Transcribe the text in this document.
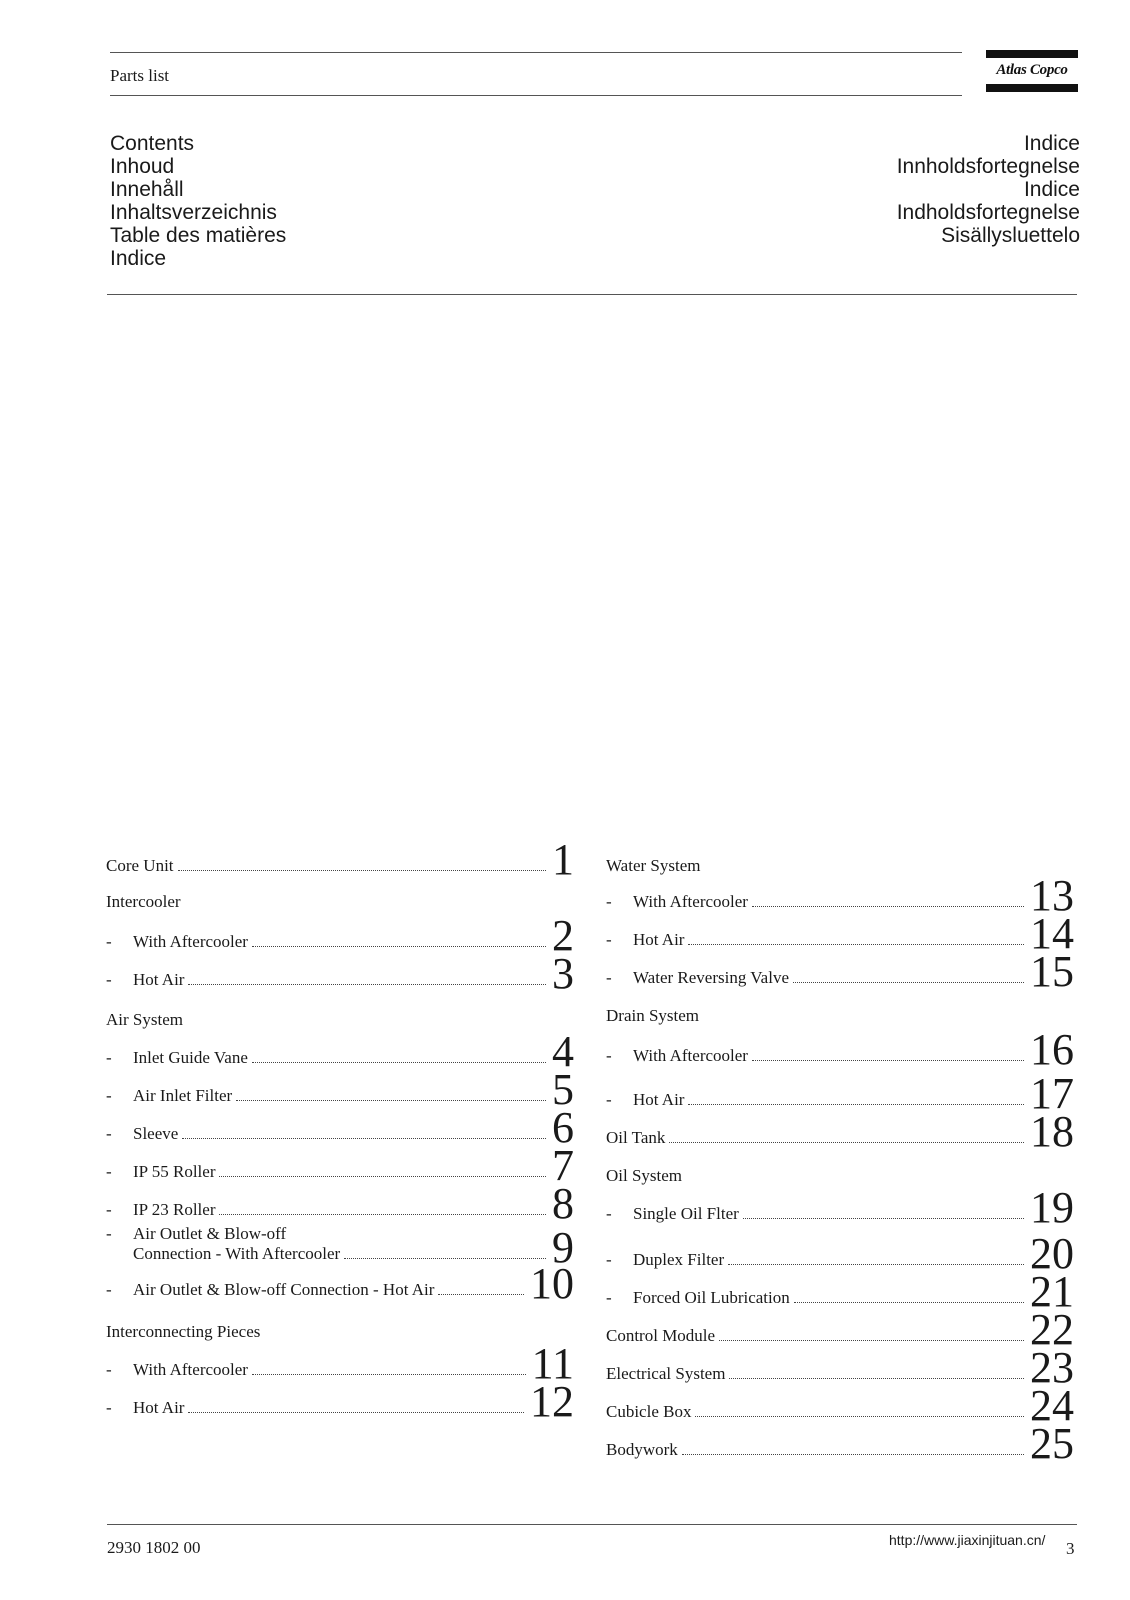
Parts list	Atlas Copco
Contents
Inhoud
Innehåll
Inhaltsverzeichnis
Table des matières
Indice
Indice
Innholdsfortegnelse
Indice
Indholdsfortegnelse
Sisällysluettelo
Core Unit	1
Intercooler
-	With Aftercooler	2
-	Hot Air	3
Air System
-	Inlet Guide Vane	4
-	Air Inlet Filter	5
-	Sleeve	6
-	IP 55 Roller	7
-	IP 23 Roller	8
-	Air Outlet & Blow-off
Connection - With Aftercooler	9
-	Air Outlet & Blow-off Connection - Hot Air 10
Interconnecting Pieces
-	With Aftercooler	11
-	Hot Air	12
Water System
-	With Aftercooler	13
-	Hot Air	14
-	Water Reversing Valve	15
Drain System
-	With Aftercooler	16
-	Hot Air	17
Oil Tank	18
Oil System
-	Single Oil Flter	19
-	Duplex Filter	20
-	Forced Oil Lubrication	21
Control Module	22
Electrical System	23
Cubicle Box	24
Bodywork	25
2930 1802 00	http://www.jiaxinjituan.cn/ 3
